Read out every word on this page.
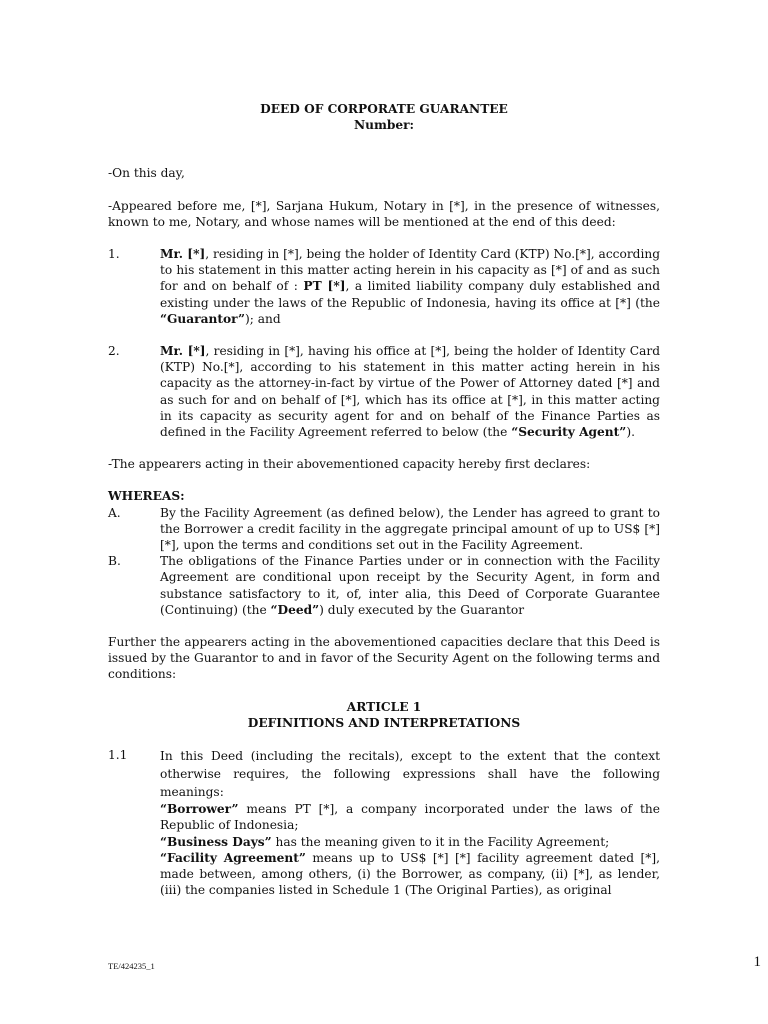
DEED OF CORPORATE GUARANTEE

Number:

-On this day,

-Appeared before me, [*], Sarjana Hukum, Notary in [*], in the presence of witnesses, known to me, Notary, and whose names will be mentioned at the end of this deed:

1.	Mr. [*], residing in [*], being the holder of Identity Card (KTP) No.[*], according to his statement in this matter acting herein in his capacity as [*] of and as such for and on behalf of : PT [*], a limited liability company duly established and existing under the laws of the Republic of Indonesia, having its office at [*] (the “Guarantor”); and
2.	Mr. [*], residing in [*], having his office at [*], being the holder of Identity Card (KTP) No.[*], according to his statement in this matter acting herein in his capacity as the attorney-in-fact by virtue of the Power of Attorney dated [*] and as such for and on behalf of [*], which has its office at [*], in this matter acting in its capacity as security agent for and on behalf of the Finance Parties as defined in the Facility Agreement referred to below (the “Security Agent”).

-The appearers acting in their abovementioned capacity hereby first declares:

WHEREAS:

A.	By the Facility Agreement (as defined below), the Lender has agreed to grant to the Borrower a credit facility in the aggregate principal amount of up to US$ [*][*], upon the terms and conditions set out in the Facility Agreement.
B.	The obligations of the Finance Parties under or in connection with the Facility Agreement are conditional upon receipt by the Security Agent, in form and substance satisfactory to it, of, inter alia, this Deed of Corporate Guarantee (Continuing) (the “Deed”) duly executed by the Guarantor

Further the appearers acting in the abovementioned capacities declare that this Deed is issued by the Guarantor to and in favor of the Security Agent on the following terms and conditions:

ARTICLE 1

DEFINITIONS AND INTERPRETATIONS

1.1	In this Deed (including the recitals), except to the extent that the context otherwise requires, the following expressions shall have the following meanings:

“Borrower” means PT [*], a company incorporated under the laws of the Republic of Indonesia;

“Business Days” has the meaning given to it in the Facility Agreement;

“Facility Agreement” means up to US$ [*] [*] facility agreement dated [*], made between, among others, (i) the Borrower, as company, (ii) [*], as lender, (iii) the companies listed in Schedule 1 (The Original Parties), as original

TE/424235_1	1
